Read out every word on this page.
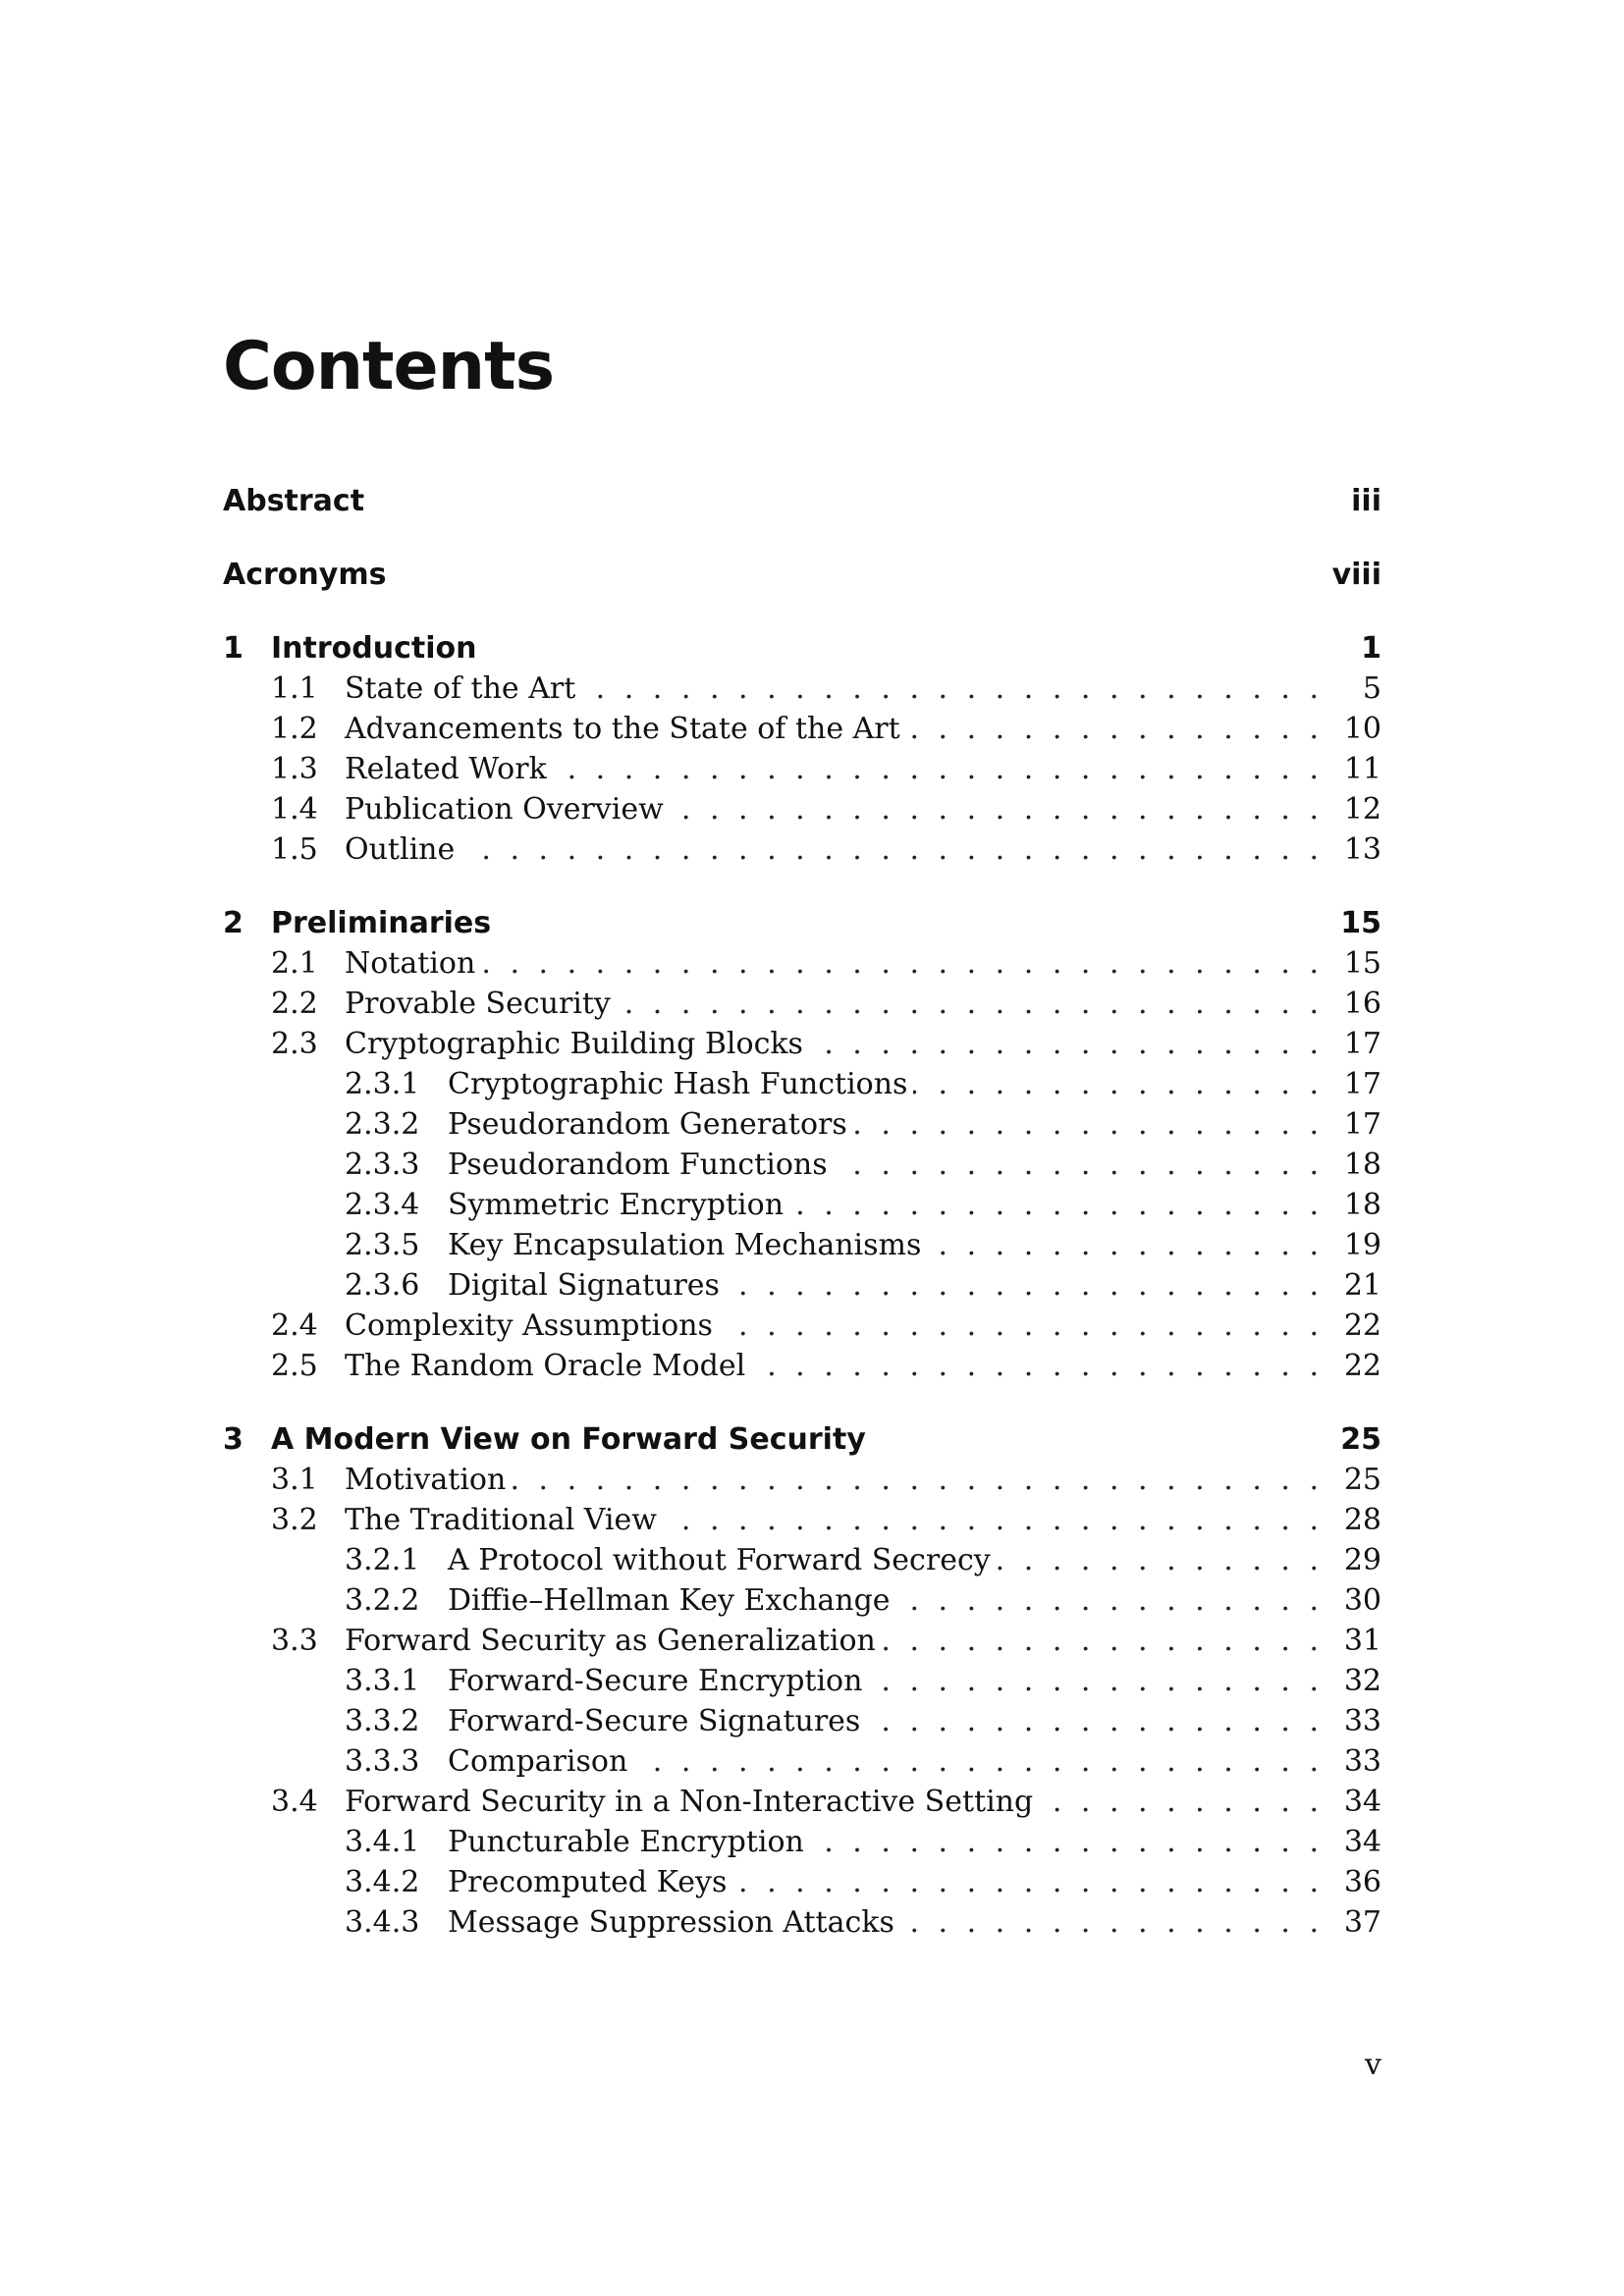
Contents
Abstract	iii
Acronyms	viii
1 Introduction	1
1.1 State of the Art . . .	5
1.2 Advancements to the State of the Art . . .	10
1.3 Related Work . . .	11
1.4 Publication Overview . . .	12
1.5 Outline . . .	13
2 Preliminaries	15
2.1 Notation . . .	15
2.2 Provable Security . . .	16
2.3 Cryptographic Building Blocks . . .	17
2.3.1 Cryptographic Hash Functions . . .	17
2.3.2 Pseudorandom Generators . . .	17
2.3.3 Pseudorandom Functions . . .	18
2.3.4 Symmetric Encryption . . .	18
2.3.5 Key Encapsulation Mechanisms . . .	19
2.3.6 Digital Signatures . . .	21
2.4 Complexity Assumptions . . .	22
2.5 The Random Oracle Model . . .	22
3 A Modern View on Forward Security	25
3.1 Motivation . . .	25
3.2 The Traditional View . . .	28
3.2.1 A Protocol without Forward Secrecy . . .	29
3.2.2 Diffie–Hellman Key Exchange . . .	30
3.3 Forward Security as Generalization . . .	31
3.3.1 Forward-Secure Encryption . . .	32
3.3.2 Forward-Secure Signatures . . .	33
3.3.3 Comparison . . .	33
3.4 Forward Security in a Non-Interactive Setting . . .	34
3.4.1 Puncturable Encryption . . .	34
3.4.2 Precomputed Keys . . .	36
3.4.3 Message Suppression Attacks . . .	37
v
